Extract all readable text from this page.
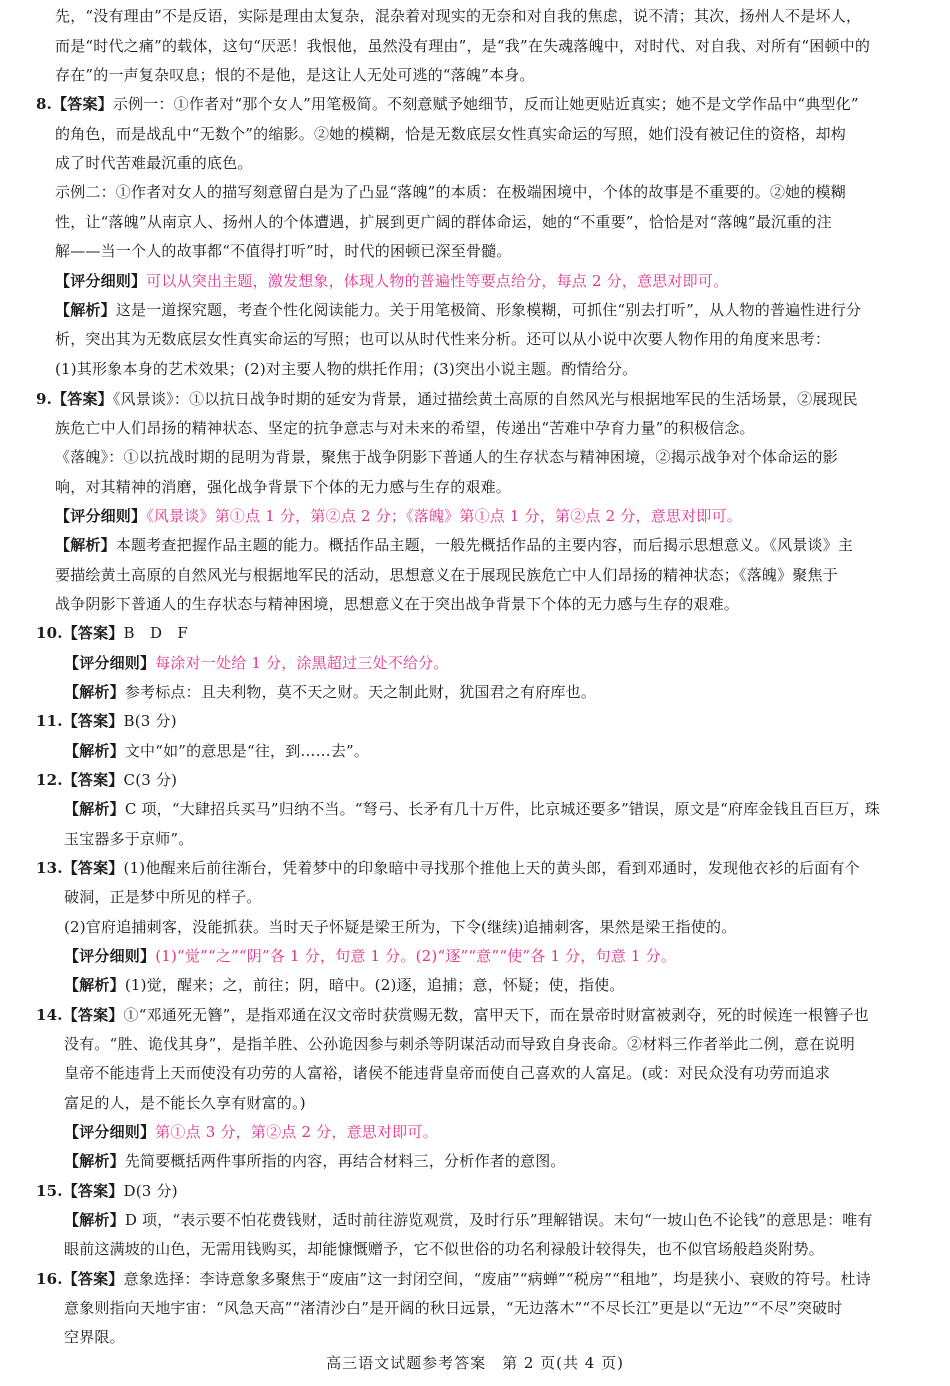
先，“没有理由”不是反语，实际是理由太复杂，混杂着对现实的无奈和对自我的焦虑，说不清；其次，扬州人不是坏人，
而是“时代之痛”的载体，这句“厌恶！我恨他，虽然没有理由”，是“我”在失魂落魄中，对时代、对自我、对所有“困顿中的
存在”的一声复杂叹息；恨的不是他，是这让人无处可逃的“落魄”本身。
8.【答案】示例一：①作者对“那个女人”用笔极简。不刻意赋予她细节，反而让她更贴近真实；她不是文学作品中“典型化”
的角色，而是战乱中“无数个”的缩影。②她的模糊，恰是无数底层女性真实命运的写照，她们没有被记住的资格，却构
成了时代苦难最沉重的底色。
示例二：①作者对女人的描写刻意留白是为了凸显“落魄”的本质：在极端困境中，个体的故事是不重要的。②她的模糊
性，让“落魄”从南京人、扬州人的个体遭遇，扩展到更广阔的群体命运，她的“不重要”，恰恰是对“落魄”最沉重的注
解——当一个人的故事都“不值得打听”时，时代的困顿已深至骨髓。
【评分细则】可以从突出主题，激发想象，体现人物的普遍性等要点给分，每点 2 分，意思对即可。
【解析】这是一道探究题，考查个性化阅读能力。关于用笔极简、形象模糊，可抓住“别去打听”，从人物的普遍性进行分
析，突出其为无数底层女性真实命运的写照；也可以从时代性来分析。还可以从小说中次要人物作用的角度来思考：
(1)其形象本身的艺术效果；(2)对主要人物的烘托作用；(3)突出小说主题。酌情给分。
9.【答案】《风景谈》：①以抗日战争时期的延安为背景，通过描绘黄土高原的自然风光与根据地军民的生活场景，②展现民
族危亡中人们昂扬的精神状态、坚定的抗争意志与对未来的希望，传递出“苦难中孕育力量”的积极信念。
《落魄》：①以抗战时期的昆明为背景，聚焦于战争阴影下普通人的生存状态与精神困境，②揭示战争对个体命运的影
响，对其精神的消磨，强化战争背景下个体的无力感与生存的艰难。
【评分细则】《风景谈》第①点 1 分，第②点 2 分；《落魄》第①点 1 分，第②点 2 分，意思对即可。
【解析】本题考查把握作品主题的能力。概括作品主题，一般先概括作品的主要内容，而后揭示思想意义。《风景谈》主
要描绘黄土高原的自然风光与根据地军民的活动，思想意义在于展现民族危亡中人们昂扬的精神状态；《落魄》聚焦于
战争阴影下普通人的生存状态与精神困境，思想意义在于突出战争背景下个体的无力感与生存的艰难。
10.【答案】B　D　F
【评分细则】每涂对一处给 1 分，涂黑超过三处不给分。
【解析】参考标点：且夫利物，莫不天之财。天之制此财，犹国君之有府库也。
11.【答案】B(3 分)
【解析】文中“如”的意思是“往，到……去”。
12.【答案】C(3 分)
【解析】C 项，“大肆招兵买马”归纳不当。“弩弓、长矛有几十万件，比京城还要多”错误，原文是“府库金钱且百巨万，珠
玉宝器多于京师”。
13.【答案】(1)他醒来后前往渐台，凭着梦中的印象暗中寻找那个推他上天的黄头郎，看到邓通时，发现他衣衫的后面有个
破洞，正是梦中所见的样子。
(2)官府追捕刺客，没能抓获。当时天子怀疑是梁王所为，下令(继续)追捕刺客，果然是梁王指使的。
【评分细则】(1)“觉”“之”“阴”各 1 分，句意 1 分。(2)“逐”“意”“使”各 1 分，句意 1 分。
【解析】(1)觉，醒来；之，前往；阴，暗中。(2)逐，追捕；意，怀疑；使，指使。
14.【答案】①“邓通死无簪”，是指邓通在汉文帝时获赏赐无数，富甲天下，而在景帝时财富被剥夺，死的时候连一根簪子也
没有。“胜、诡伐其身”，是指羊胜、公孙诡因参与刺杀等阴谋活动而导致自身丧命。②材料三作者举此二例，意在说明
皇帝不能违背上天而使没有功劳的人富裕，诸侯不能违背皇帝而使自己喜欢的人富足。(或：对民众没有功劳而追求
富足的人，是不能长久享有财富的。)
【评分细则】第①点 3 分，第②点 2 分，意思对即可。
【解析】先简要概括两件事所指的内容，再结合材料三，分析作者的意图。
15.【答案】D(3 分)
【解析】D 项，“表示要不怕花费钱财，适时前往游览观赏，及时行乐”理解错误。末句“一坡山色不论钱”的意思是：唯有
眼前这满坡的山色，无需用钱购买，却能慷慨赠予，它不似世俗的功名利禄般计较得失，也不似官场般趋炎附势。
16.【答案】意象选择：李诗意象多聚焦于“废庙”这一封闭空间，“废庙”“病蝉”“税房”“租地”，均是狭小、衰败的符号。杜诗
意象则指向天地宇宙：“风急天高”“渚清沙白”是开阔的秋日远景，“无边落木”“不尽长江”更是以“无边”“不尽”突破时
空界限。
高三语文试题参考答案　第 2 页(共 4 页)
